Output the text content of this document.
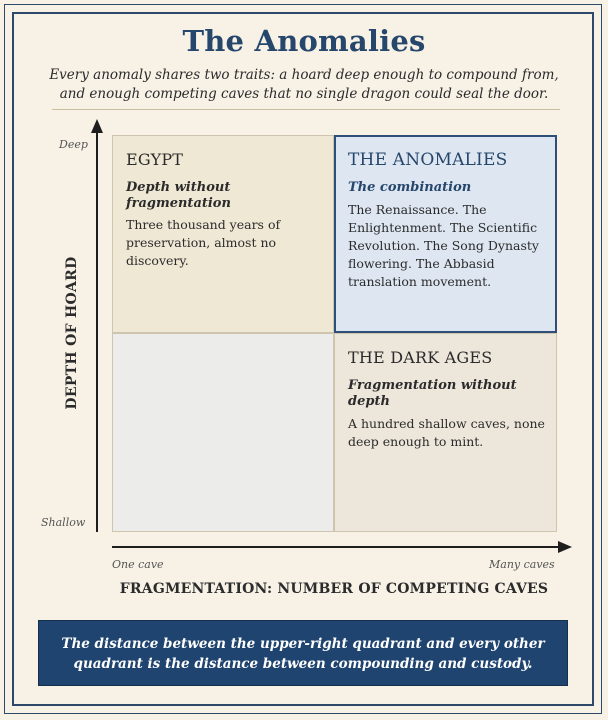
The Anomalies
Every anomaly shares two traits: a hoard deep enough to compound from,
and enough competing caves that no single dragon could seal the door.
EGYPT
Depth without fragmentation
Three thousand years of preservation, almost no discovery.
THE ANOMALIES
The combination
The Renaissance. The Enlightenment. The Scientific Revolution. The Song Dynasty flowering. The Abbasid translation movement.
THE DARK AGES
Fragmentation without depth
A hundred shallow caves, none deep enough to mint.
Deep
Shallow
One cave	Many caves
DEPTH OF HOARD
FRAGMENTATION: NUMBER OF COMPETING CAVES
The distance between the upper-right quadrant and every other
quadrant is the distance between compounding and custody.
